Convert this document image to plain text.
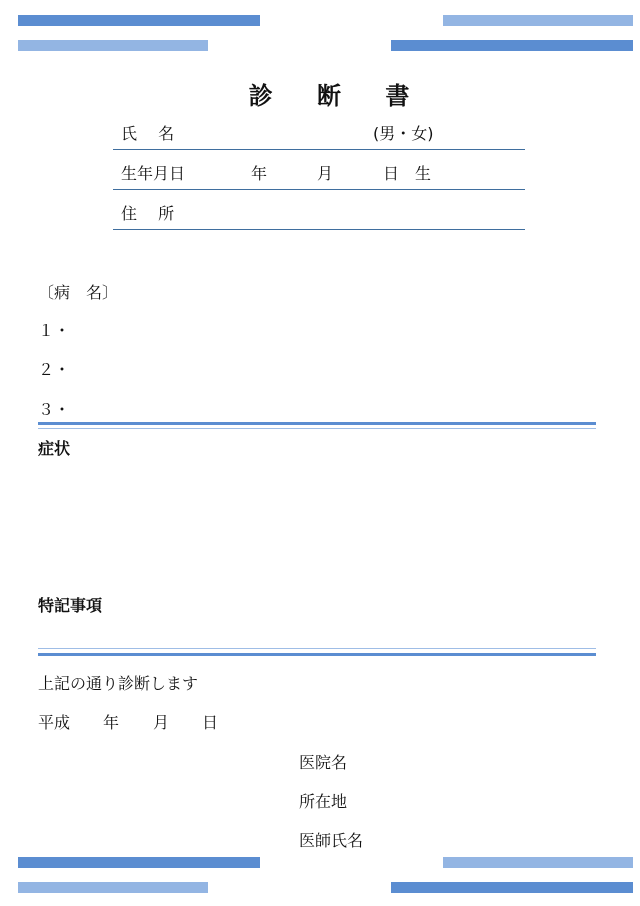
診 断 書
氏　 名	(男・女)
生年月日	年	月	日 生
住　 所
〔病　名〕
１・
２・
３・
症状
特記事項
上記の通り診断します
平成 年 月 日
医院名
所在地
医師氏名
